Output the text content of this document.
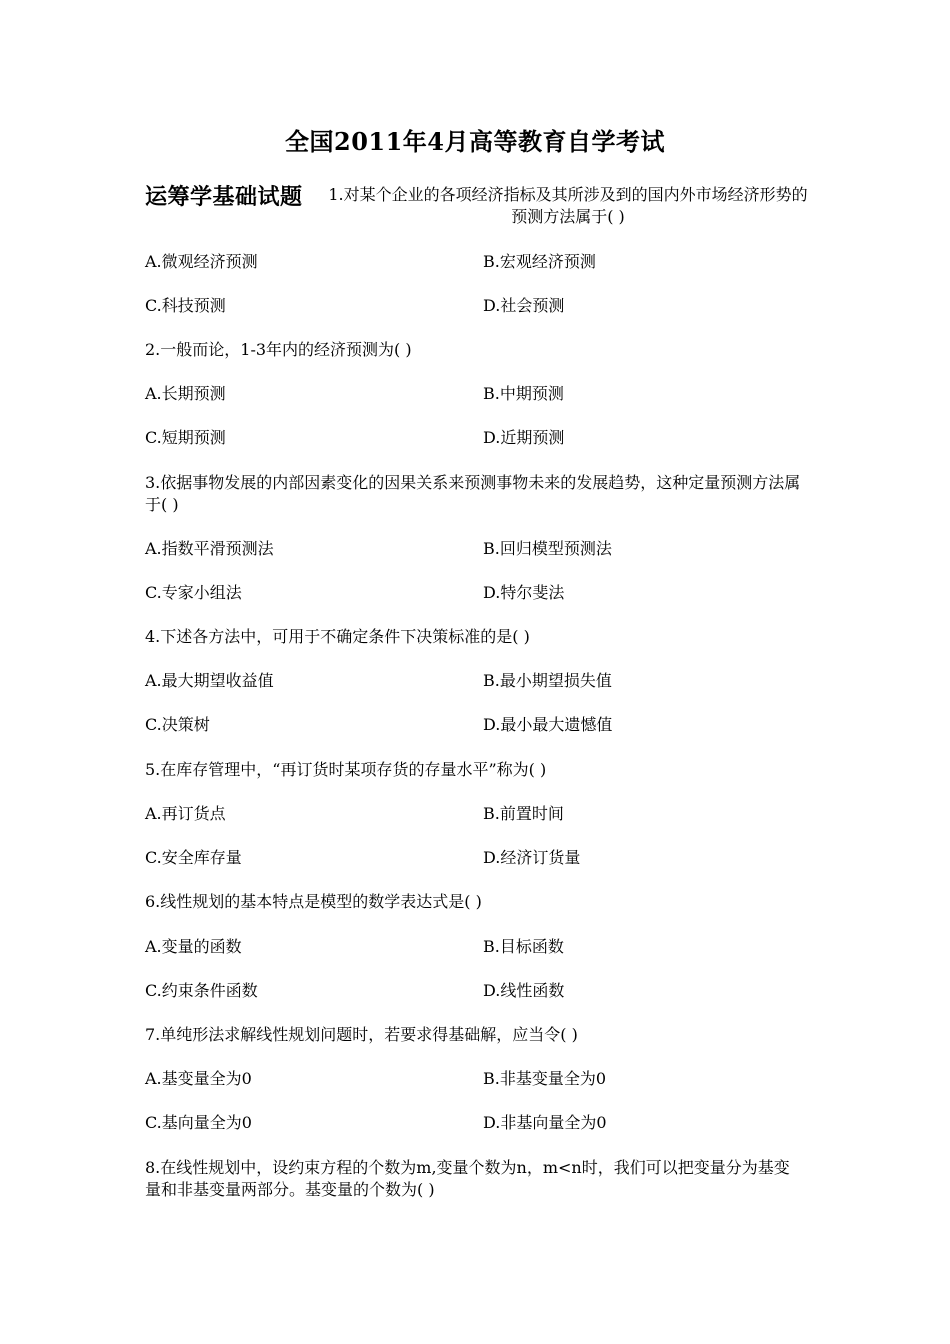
全国2011年4月高等教育自学考试
运筹学基础试题 1.对某个企业的各项经济指标及其所涉及到的国内外市场经济形势的预测方法属于( )
A.微观经济预测	B.宏观经济预测
C.科技预测	D.社会预测
2.一般而论，1-3年内的经济预测为( )
A.长期预测	B.中期预测
C.短期预测	D.近期预测
3.依据事物发展的内部因素变化的因果关系来预测事物未来的发展趋势，这种定量预测方法属于( )
A.指数平滑预测法	B.回归模型预测法
C.专家小组法	D.特尔斐法
4.下述各方法中，可用于不确定条件下决策标准的是( )
A.最大期望收益值	B.最小期望损失值
C.决策树	D.最小最大遗憾值
5.在库存管理中，“再订货时某项存货的存量水平”称为( )
A.再订货点	B.前置时间
C.安全库存量	D.经济订货量
6.线性规划的基本特点是模型的数学表达式是( )
A.变量的函数	B.目标函数
C.约束条件函数	D.线性函数
7.单纯形法求解线性规划问题时，若要求得基础解，应当令( )
A.基变量全为0	B.非基变量全为0
C.基向量全为0	D.非基向量全为0
8.在线性规划中，设约束方程的个数为m,变量个数为n，m<n时，我们可以把变量分为基变量和非基变量两部分。基变量的个数为( )
